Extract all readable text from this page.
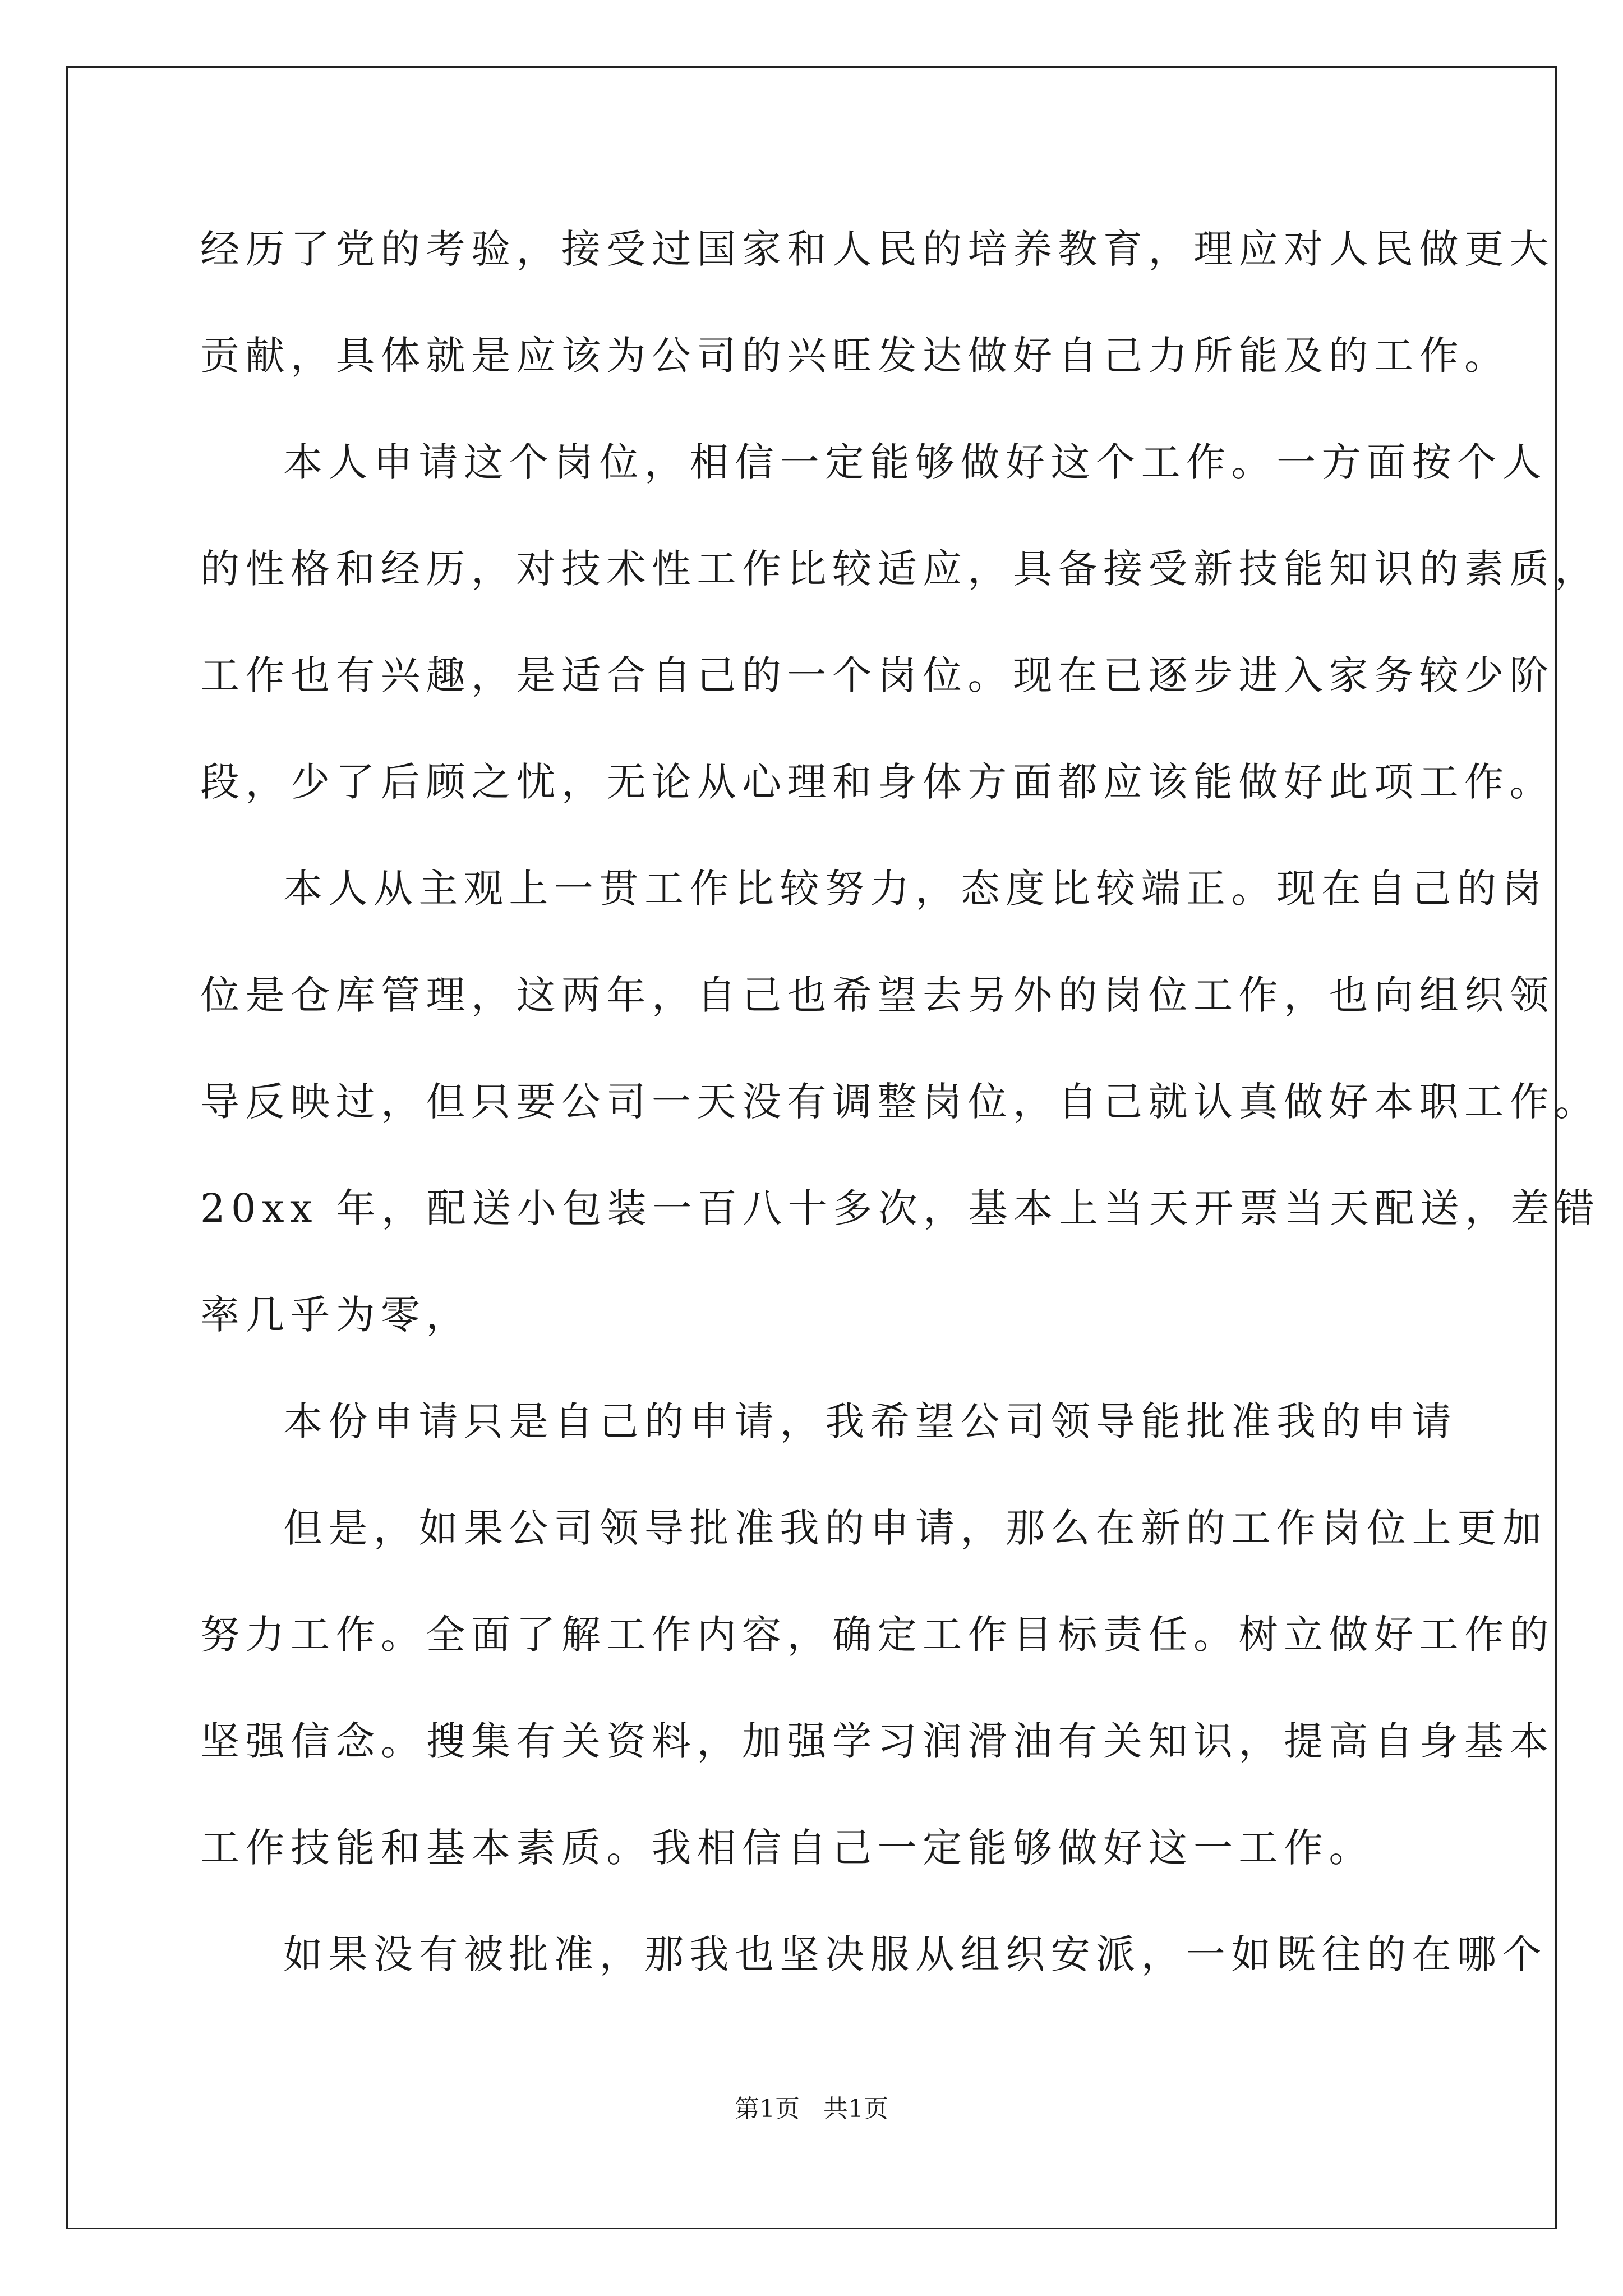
经历了党的考验，接受过国家和人民的培养教育，理应对人民做更大
贡献，具体就是应该为公司的兴旺发达做好自己力所能及的工作。
本人申请这个岗位，相信一定能够做好这个工作。一方面按个人
的性格和经历，对技术性工作比较适应，具备接受新技能知识的素质，
工作也有兴趣，是适合自己的一个岗位。现在已逐步进入家务较少阶
段，少了后顾之忧，无论从心理和身体方面都应该能做好此项工作。
本人从主观上一贯工作比较努力，态度比较端正。现在自己的岗
位是仓库管理，这两年，自己也希望去另外的岗位工作，也向组织领
导反映过，但只要公司一天没有调整岗位，自己就认真做好本职工作。
20xx 年，配送小包装一百八十多次，基本上当天开票当天配送，差错
率几乎为零，
本份申请只是自己的申请，我希望公司领导能批准我的申请
但是，如果公司领导批准我的申请，那么在新的工作岗位上更加
努力工作。全面了解工作内容，确定工作目标责任。树立做好工作的
坚强信念。搜集有关资料，加强学习润滑油有关知识，提高自身基本
工作技能和基本素质。我相信自己一定能够做好这一工作。
如果没有被批准，那我也坚决服从组织安派，一如既往的在哪个
第1页   共1页
